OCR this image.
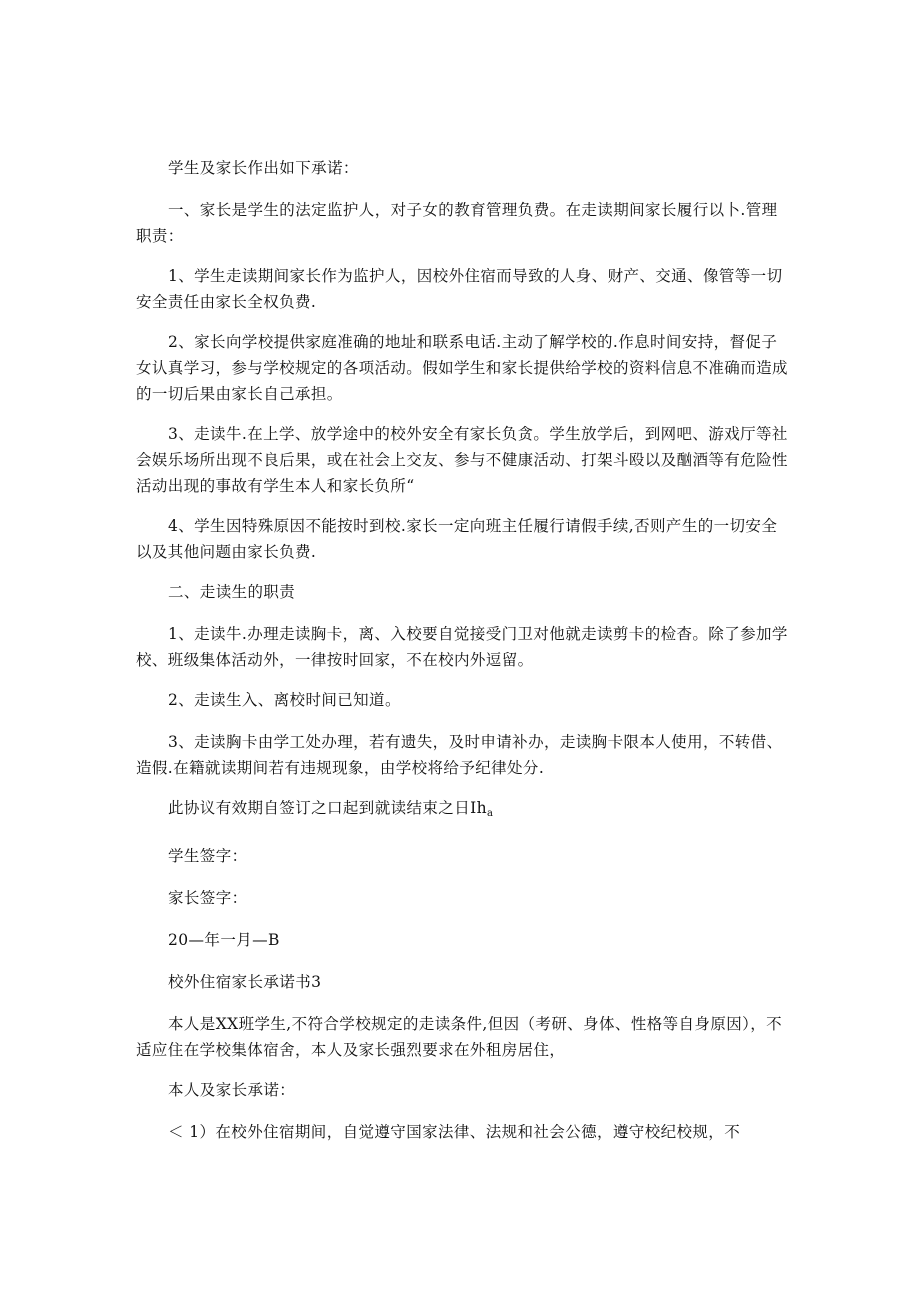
学生及家长作出如下承诺：

一、家长是学生的法定监护人，对子女的教育管理负费。在走读期间家长履行以卜.管理职责：

1、学生走读期间家长作为监护人，因校外住宿而导致的人身、财产、交通、像管等一切安全责任由家长全权负费.

2、家长向学校提供家庭准确的地址和联系电话.主动了解学校的.作息时间安持，督促子女认真学习，参与学校规定的各项活动。假如学生和家长提供给学校的资料信息不准确而造成的一切后果由家长自己承担。

3、走读牛.在上学、放学途中的校外安全有家长负贪。学生放学后，到网吧、游戏厅等社会娱乐场所出现不良后果，或在社会上交友、参与不健康活动、打架斗殴以及酗酒等有危险性活动出现的事故有学生本人和家长负所“

4、学生因特殊原因不能按时到校.家长一定向班主任履行请假手续,否则产生的一切安全以及其他问题由家长负费.

二、走读生的职责

1、走读牛.办理走读胸卡，离、入校要自觉接受门卫对他就走读剪卡的检杳。除了参加学校、班级集体活动外，一律按时回家，不在校内外逗留。

2、走读生入、离校时间已知道。

3、走读胸卡由学工处办理，若有遗失，及时申请补办，走读胸卡限本人使用，不转借、造假.在籍就读期间若有违规现象，由学校将给予纪律处分.

此协议有效期自签订之口起到就读结束之日$Ih_a$

学生签字：

家长签字：

20—年一月—B

校外住宿家长承诺书3

本人是XX班学生,不符合学校规定的走读条件,但因（考研、身体、性格等自身原因），不适应住在学校集体宿舍，本人及家长强烈要求在外租房居住，

本人及家长承诺：

＜ 1）在校外住宿期间，自觉遵守国家法律、法规和社会公德，遵守校纪校规，不
